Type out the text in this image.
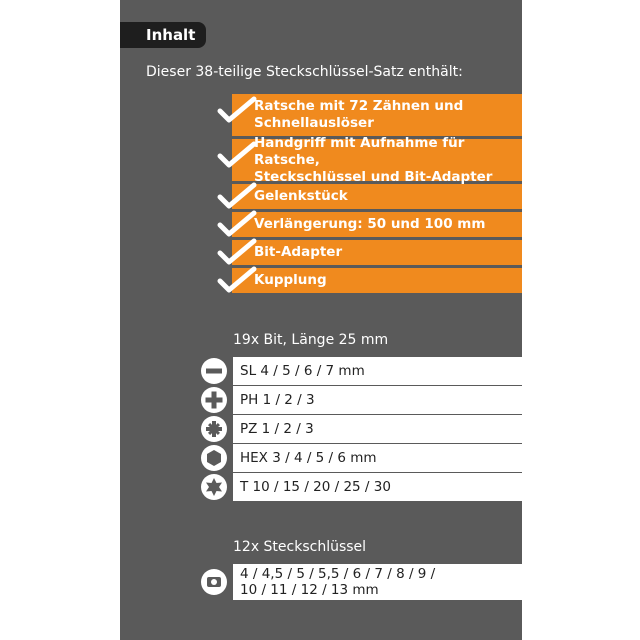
Inhalt
Dieser 38-teilige Steckschlüssel-Satz enthält:
Ratsche mit 72 Zähnen und
Schnellauslöser
Handgriff mit Aufnahme für Ratsche,
Steckschlüssel und Bit-Adapter
Gelenkstück
Verlängerung: 50 und 100 mm
Bit-Adapter
Kupplung
19x Bit, Länge 25 mm
SL 4 / 5 / 6 / 7 mm
PH 1 / 2 / 3
PZ 1 / 2 / 3
HEX 3 / 4 / 5 / 6 mm
T 10 / 15 / 20 / 25 / 30
12x Steckschlüssel
4 / 4,5 / 5 / 5,5 / 6 / 7 / 8 / 9 /
10 / 11 / 12 / 13 mm
